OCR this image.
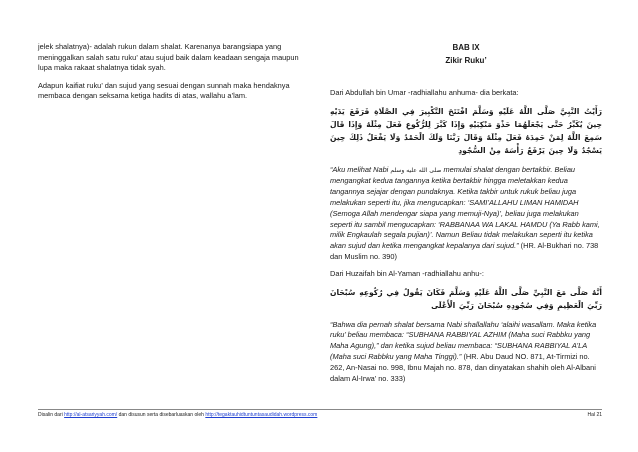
jelek shalatnya)- adalah rukun dalam shalat. Karenanya barangsiapa yang meninggalkan salah satu ruku’ atau sujud baik dalam keadaan sengaja maupun lupa maka rakaat shalatnya tidak syah.

Adapun kaifiat ruku’ dan sujud yang sesuai dengan sunnah maka hendaknya membaca dengan seksama ketiga hadits di atas, wallahu a’lam.

BAB IX
Zikir Ruku’

Dari Abdullah bin Umar -radhiallahu anhuma- dia berkata:

رَأَيْتُ النَّبِيَّ صَلَّى اللَّهُ عَلَيْهِ وَسَلَّمَ افْتَتَحَ التَّكْبِيرَ فِي الصَّلَاةِ فَرَفَعَ يَدَيْهِ حِينَ يُكَبِّرُ حَتَّى يَجْعَلَهُمَا حَذْوَ مَنْكِبَيْهِ وَإِذَا كَبَّرَ لِلرُّكُوعِ فَعَلَ مِثْلَهُ وَإِذَا قَالَ سَمِعَ اللَّهُ لِمَنْ حَمِدَهُ فَعَلَ مِثْلَهُ وَقَالَ رَبَّنَا وَلَكَ الْحَمْدُ وَلَا يَفْعَلُ ذَلِكَ حِينَ يَسْجُدُ وَلَا حِينَ يَرْفَعُ رَأْسَهُ مِنْ السُّجُودِ

“Aku melihat Nabi صلى الله عليه وسلم memulai shalat dengan bertakbir. Beliau mengangkat kedua tangannya ketika bertakbir hingga meletakkan kedua tangannya sejajar dengan pundaknya. Ketika takbir untuk rukuk beliau juga melakukan seperti itu, jika mengucapkan: ‘SAMI’ALLAHU LIMAN HAMIDAH (Semoga Allah mendengar siapa yang memuji-Nya)’, beliau juga melakukan seperti itu sambil mengucapkan: ‘RABBANAA WA LAKAL HAMDU (Ya Rabb kami, milik Engkaulah segala pujian)’. Namun Beliau tidak melakukan seperti itu ketika akan sujud dan ketika mengangkat kepalanya dari sujud.” (HR. Al-Bukhari no. 738 dan Muslim no. 390)

Dari Huzaifah bin Al-Yaman -radhiallahu anhu-:

أَنَّهُ صَلَّى مَعَ النَّبِيِّ صَلَّى اللَّهُ عَلَيْهِ وَسَلَّمَ فَكَانَ يَقُولُ فِي رُكُوعِهِ سُبْحَانَ رَبِّيَ الْعَظِيمِ وَفِي سُجُودِهِ سُبْحَانَ رَبِّيَ الْأَعْلَى

“Bahwa dia pernah shalat bersama Nabi shallallahu ‘alaihi wasallam. Maka ketika ruku’ beliau membaca: “SUBHANA RABBIYAL AZHIM (Maha suci Rabbku yang Maha Agung),” dan ketika sujud beliau membaca: “SUBHANA RABBIYAL A’LA (Maha suci Rabbku yang Maha Tinggi).” (HR. Abu Daud NO. 871, At-Tirmizi no. 262, An-Nasai no. 998, Ibnu Majah no. 878, dan dinyatakan shahih oleh Al-Albani dalam Al-Irwa’ no. 333)

Disalin dari http://al-atsariyyah.com/ dan disusun serta disebarluaskan oleh http://tegaktauhidtuntuntasaudidah.wordpress.com	Hal 21
